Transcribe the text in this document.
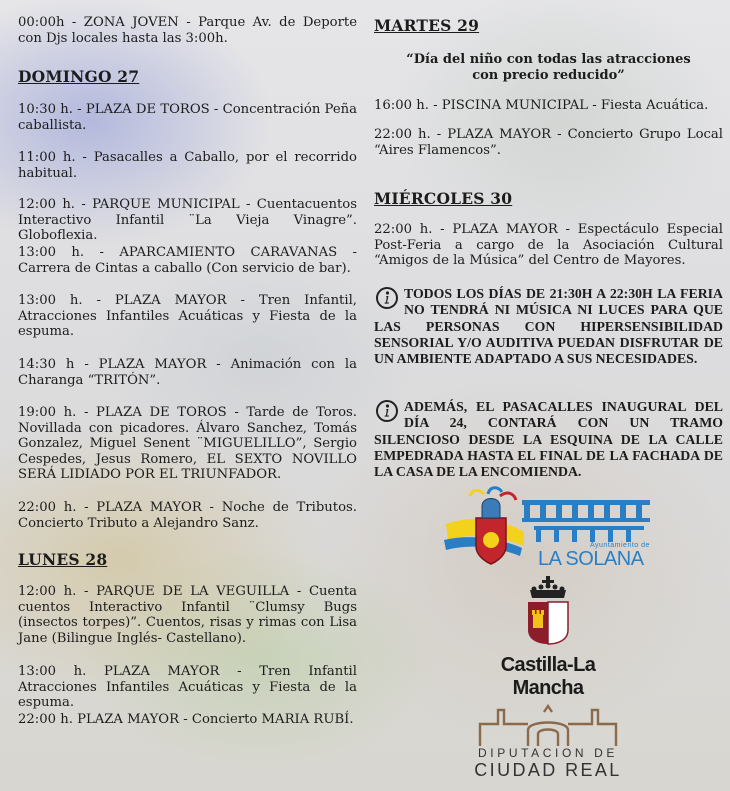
00:00h - ZONA JOVEN - Parque Av. de Deporte con Djs locales hasta las 3:00h.

DOMINGO 27

10:30 h. - PLAZA DE TOROS - Concentración Peña caballista.

11:00 h. - Pasacalles a Caballo, por el recorrido habitual.

12:00 h. - PARQUE MUNICIPAL - Cuentacuentos Interactivo Infantil ¨La Vieja Vinagre”. Globoflexia.

13:00 h. - APARCAMIENTO CARAVANAS - Carrera de Cintas a caballo (Con servicio de bar).

13:00 h. - PLAZA MAYOR - Tren Infantil, Atracciones Infantiles Acuáticas y Fiesta de la espuma.

14:30 h - PLAZA MAYOR - Animación con la Charanga “TRITÓN”.

19:00 h. - PLAZA DE TOROS - Tarde de Toros. Novillada con picadores. Álvaro Sanchez, Tomás Gonzalez, Miguel Senent ¨MIGUELILLO”, Sergio Cespedes, Jesus Romero, EL SEXTO NOVILLO SERÁ LIDIADO POR EL TRIUNFADOR.

22:00 h. - PLAZA MAYOR - Noche de Tributos. Concierto Tributo a Alejandro Sanz.

LUNES 28

12:00 h. - PARQUE DE LA VEGUILLA - Cuenta cuentos Interactivo Infantil ¨Clumsy Bugs (insectos torpes)”. Cuentos, risas y rimas con Lisa Jane (Bilingue Inglés- Castellano).

13:00 h. PLAZA MAYOR - Tren Infantil Atracciones Infantiles Acuáticas y Fiesta de la espuma.

22:00 h. PLAZA MAYOR - Concierto MARIA RUBÍ.

MARTES 29
“Día del niño con todas las atracciones
con precio reducido”

16:00 h. - PISCINA MUNICIPAL - Fiesta Acuática.

22:00 h. - PLAZA MAYOR - Concierto Grupo Local “Aires Flamencos”.

MIÉRCOLES 30

22:00 h. - PLAZA MAYOR - Espectáculo Especial Post-Feria a cargo de la Asociación Cultural “Amigos de la Música” del Centro de Mayores.

TODOS LOS DÍAS DE 21:30H A 22:30H LA FERIA NO TENDRÁ NI MÚSICA NI LUCES PARA QUE LAS PERSONAS CON HIPERSENSIBILIDAD SENSORIAL Y/O AUDITIVA PUEDAN DISFRUTAR DE UN AMBIENTE ADAPTADO A SUS NECESIDADES.
ADEMÁS, EL PASACALLES INAUGURAL DEL DÍA 24, CONTARÁ CON UN TRAMO SILENCIOSO DESDE LA ESQUINA DE LA CALLE EMPEDRADA HASTA EL FINAL DE LA FACHADA DE LA CASA DE LA ENCOMIENDA.
Ayuntamiento de
LA SOLANA
Castilla-La Mancha
DIPUTACION DE
CIUDAD REAL
